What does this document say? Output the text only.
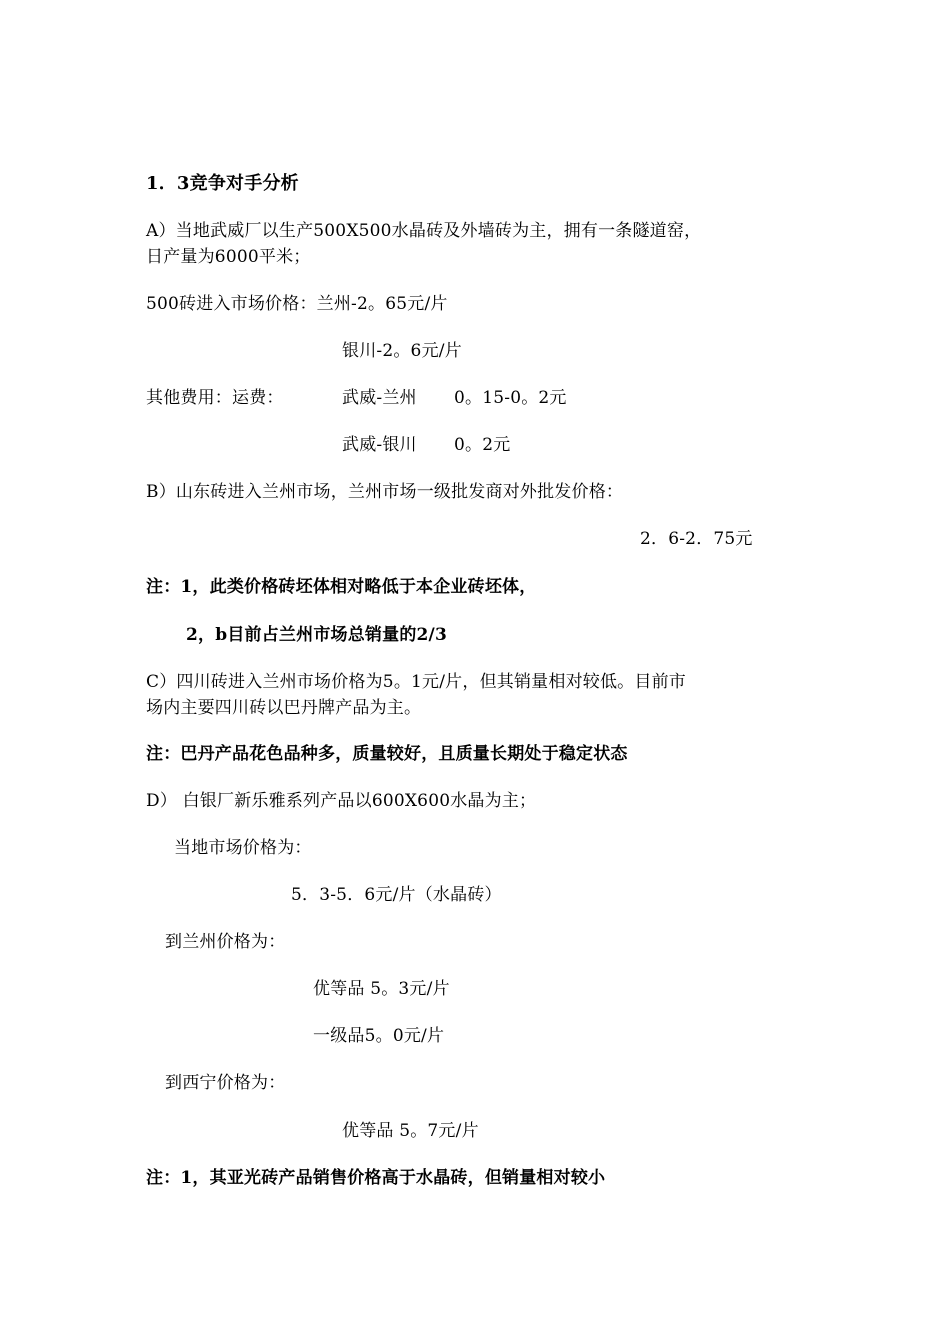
1．3竞争对手分析
A）当地武威厂以生产500X500水晶砖及外墙砖为主，拥有一条隧道窑，
日产量为6000平米；
500砖进入市场价格：兰州-2。65元/片
银川-2。6元/片
其他费用：运费：	武威-兰州 0。15-0。2元
武威-银川 0。2元
B）山东砖进入兰州市场，兰州市场一级批发商对外批发价格：
2．6-2．75元
注：1，此类价格砖坯体相对略低于本企业砖坯体，
2，b目前占兰州市场总销量的2/3
C）四川砖进入兰州市场价格为5。1元/片，但其销量相对较低。目前市
场内主要四川砖以巴丹牌产品为主。
注：巴丹产品花色品种多，质量较好，且质量长期处于稳定状态
D） 白银厂新乐雅系列产品以600X600水晶为主；
当地市场价格为：
5．3-5．6元/片（水晶砖）
到兰州价格为：
优等品 5。3元/片
一级品5。0元/片
到西宁价格为：
优等品 5。7元/片
注：1，其亚光砖产品销售价格高于水晶砖，但销量相对较小
